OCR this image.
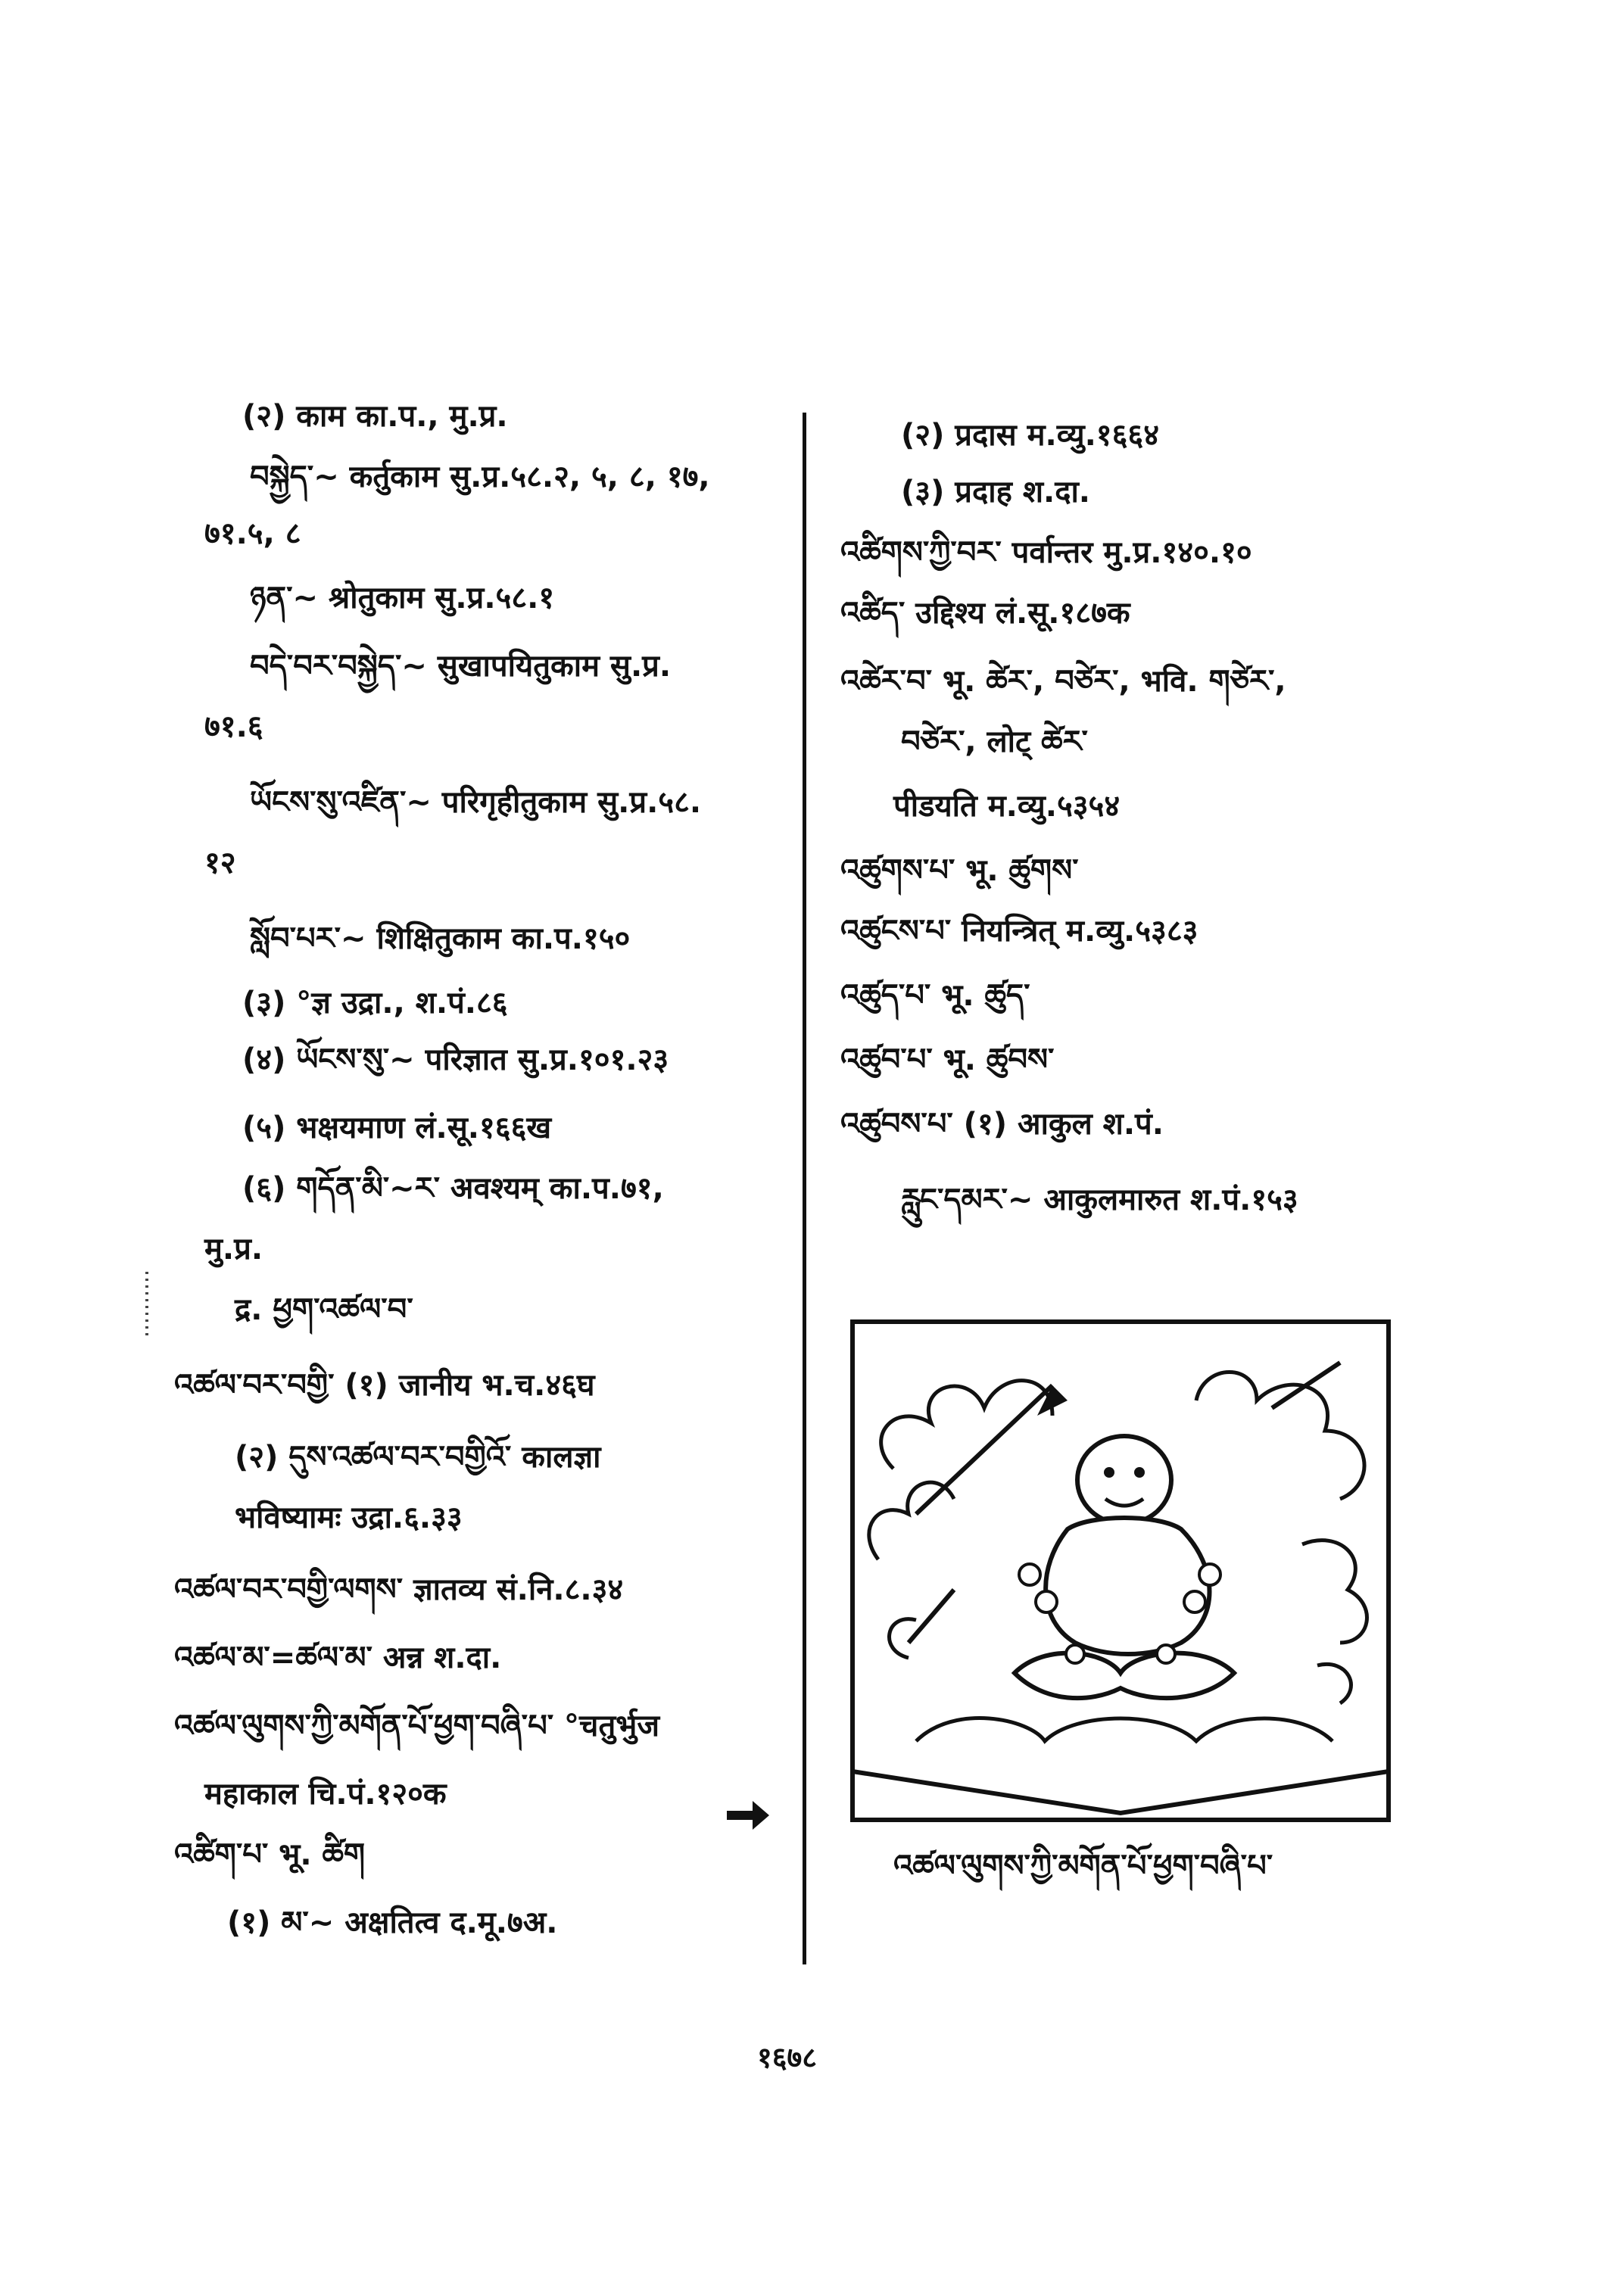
(२) काम का.प., मु.प्र.
བསྐྱེད་~ कर्तुकाम सु.प्र.५८.२, ५, ८, १७,
७१.५, ८
ཉན་~ श्रोतुकाम सु.प्र.५८.१
བདེ་བར་བསྐྱེད་~ सुखापयितुकाम सु.प्र.
७१.६
ཡོངས་སུ་འཛིན་~ परिगृहीतुकाम सु.प्र.५८.
१२
སློབ་པར་~ शिक्षितुकाम का.प.१५०
(३) °ज्ञ उद्रा., श.पं.८६
(४) ཡོངས་སུ་~ परिज्ञात सु.प्र.१०१.२३
(५) भक्षयमाण लं.सू.१६६ख
(६) གདོན་མི་~ར་ अवश्यम् का.प.७१,
मु.प्र.
द्र. ཕྱག་འཚལ་བ་
འཚལ་བར་བགྱི་ (१) जानीय भ.च.४६घ
(२) དུས་འཚལ་བར་བགྱིའོ་ कालज्ञा
भविष्यामः उद्रा.६.३३
འཚལ་བར་བགྱི་ལགས་ ज्ञातव्य सं.नि.८.३४
འཚལ་མ་=ཚལ་མ་ अन्न श.दा.
འཚལ་ལུགས་ཀྱི་མགོན་པོ་ཕྱག་བཞི་པ་ °चतुर्भुज
महाकाल चि.पं.१२०क
འཚིག་པ་ भू. ཚིག
(१) མ་~ अक्षतित्व द.मू.७अ.
(२) प्रदास म.व्यु.१६६४
(३) प्रदाह श.दा.
འཚིགས་ཀྱི་བར་ पर्वान्तर मु.प्र.१४०.१०
འཚིད་ उद्दिश्य लं.सू.१८७क
འཚེར་བ་ भू. ཚེར་, བཙེར་, भवि. གཙེར་,
བཙེར་, लोट् ཚེར་
पीडयति म.व्यु.५३५४
འཚུགས་པ་ भू. ཚུགས་
འཚུངས་པ་ नियन्त्रित् म.व्यु.५३८३
འཚུད་པ་ भू. ཚུད་
འཚུབ་པ་ भू. ཚུབས་
འཚུབས་པ་ (१) आकुल श.पं.
རླུང་དམར་~ आकुलमारुत श.पं.१५३
འཚལ་ལུགས་ཀྱི་མགོན་པོ་ཕྱག་བཞི་པ་
१६७८
